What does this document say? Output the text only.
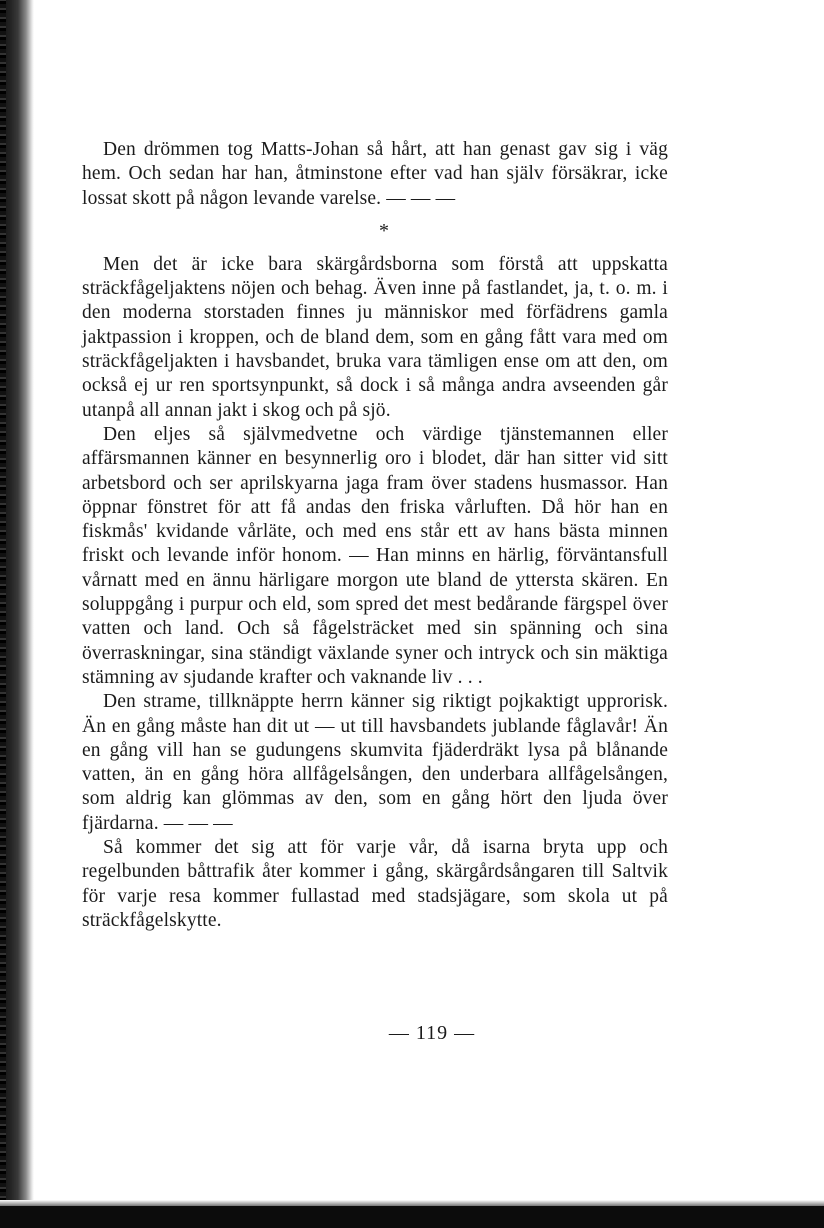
Den drömmen tog Matts-Johan så hårt, att han genast gav sig i väg hem. Och sedan har han, åtminstone efter vad han själv försäkrar, icke lossat skott på någon levande varelse. — — —

*

Men det är icke bara skärgårdsborna som förstå att uppskatta sträckfågeljaktens nöjen och behag. Även inne på fastlandet, ja, t. o. m. i den moderna storstaden finnes ju människor med förfädrens gamla jaktpassion i kroppen, och de bland dem, som en gång fått vara med om sträckfågeljakten i havsbandet, bruka vara tämligen ense om att den, om också ej ur ren sportsynpunkt, så dock i så många andra avseenden går utanpå all annan jakt i skog och på sjö.

Den eljes så självmedvetne och värdige tjänstemannen eller affärsmannen känner en besynnerlig oro i blodet, där han sitter vid sitt arbetsbord och ser aprilskyarna jaga fram över stadens husmassor. Han öppnar fönstret för att få andas den friska vårluften. Då hör han en fiskmås' kvidande vårläte, och med ens står ett av hans bästa minnen friskt och levande inför honom. — Han minns en härlig, förväntansfull vårnatt med en ännu härligare morgon ute bland de yttersta skären. En soluppgång i purpur och eld, som spred det mest bedårande färgspel över vatten och land. Och så fågelsträcket med sin spänning och sina överraskningar, sina ständigt växlande syner och intryck och sin mäktiga stämning av sjudande krafter och vaknande liv . . .

Den strame, tillknäppte herrn känner sig riktigt pojkaktigt upprorisk. Än en gång måste han dit ut — ut till havsbandets jublande fåglavår! Än en gång vill han se gudungens skumvita fjäderdräkt lysa på blånande vatten, än en gång höra allfågelsången, den underbara allfågelsången, som aldrig kan glömmas av den, som en gång hört den ljuda över fjärdarna. — — —

Så kommer det sig att för varje vår, då isarna bryta upp och regelbunden båttrafik åter kommer i gång, skärgårdsångaren till Saltvik för varje resa kommer fullastad med stadsjägare, som skola ut på sträckfågelskytte.

— 119 —
